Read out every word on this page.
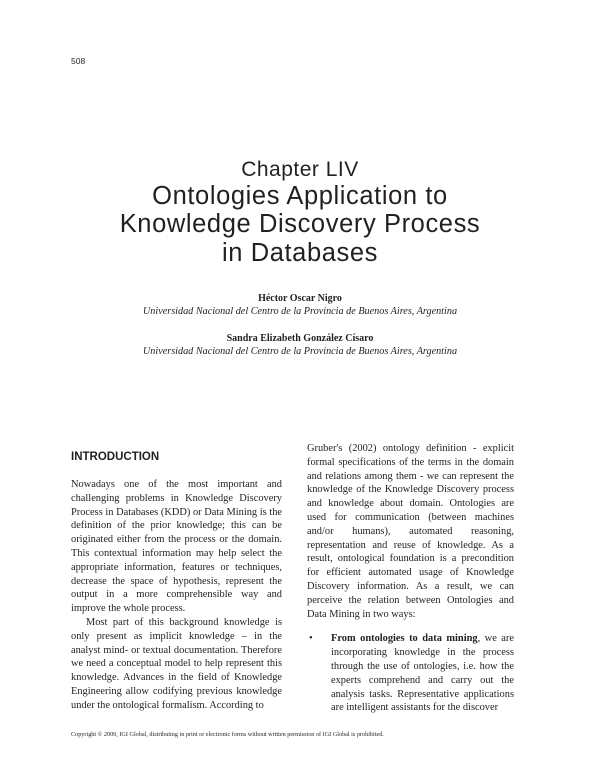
508
Chapter LIV
Ontologies Application to
Knowledge Discovery Process
in Databases
Héctor Oscar Nigro
Universidad Nacional del Centro de la Provincia de Buenos Aires, Argentina
Sandra Elizabeth González Císaro
Universidad Nacional del Centro de la Provincia de Buenos Aires, Argentina
INTRODUCTION

Nowadays one of the most important and challenging problems in Knowledge Discovery Process in Databases (KDD) or Data Mining is the definition of the prior knowledge; this can be originated either from the process or the domain. This contextual information may help select the appropriate information, features or techniques, decrease the space of hypothesis, represent the output in a more comprehensible way and improve the whole process.

Most part of this background knowledge is only present as implicit knowledge – in the analyst mind- or textual documentation. Therefore we need a conceptual model to help represent this knowledge. Advances in the field of Knowledge Engineering allow codifying previous knowledge under the ontological formalism. According to

Gruber's (2002) ontology definition - explicit formal specifications of the terms in the domain and relations among them - we can represent the knowledge of the Knowledge Discovery process and knowledge about domain. Ontologies are used for communication (between machines and/or humans), automated reasoning, representation and reuse of knowledge. As a result, ontological foundation is a precondition for efficient automated usage of Knowledge Discovery information. As a result, we can perceive the relation between Ontologies and Data Mining in two ways:

•	From ontologies to data mining, we are incorporating knowledge in the process through the use of ontologies, i.e. how the experts comprehend and carry out the analysis tasks. Representative applications are intelligent assistants for the discover

Copyright © 2009, IGI Global, distributing in print or electronic forms without written permission of IGI Global is prohibited.
